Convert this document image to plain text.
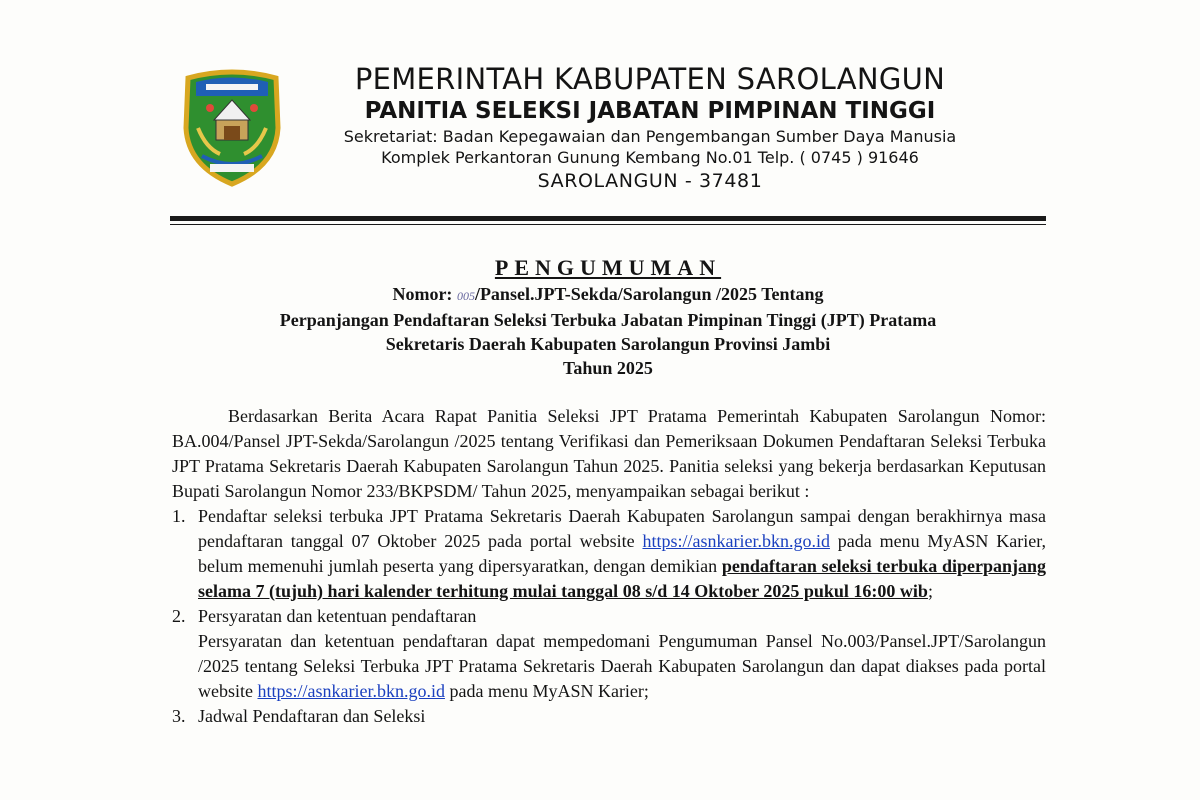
PEMERINTAH KABUPATEN SAROLANGUN
PANITIA SELEKSI JABATAN PIMPINAN TINGGI
Sekretariat: Badan Kepegawaian dan Pengembangan Sumber Daya Manusia
Komplek Perkantoran Gunung Kembang No.01 Telp. ( 0745 ) 91646
SAROLANGUN - 37481
PENGUMUMAN
Nomor: 005/Pansel.JPT-Sekda/Sarolangun /2025 Tentang
Perpanjangan Pendaftaran Seleksi Terbuka Jabatan Pimpinan Tinggi (JPT) Pratama
Sekretaris Daerah Kabupaten Sarolangun Provinsi Jambi
Tahun 2025

Berdasarkan Berita Acara Rapat Panitia Seleksi JPT Pratama Pemerintah Kabupaten Sarolangun Nomor: BA.004/Pansel JPT-Sekda/Sarolangun /2025 tentang Verifikasi dan Pemeriksaan Dokumen Pendaftaran Seleksi Terbuka JPT Pratama Sekretaris Daerah Kabupaten Sarolangun Tahun 2025. Panitia seleksi yang bekerja berdasarkan Keputusan Bupati Sarolangun Nomor 233/BKPSDM/ Tahun 2025, menyampaikan sebagai berikut :

1. Pendaftar seleksi terbuka JPT Pratama Sekretaris Daerah Kabupaten Sarolangun sampai dengan berakhirnya masa pendaftaran tanggal 07 Oktober 2025 pada portal website https://asnkarier.bkn.go.id pada menu MyASN Karier, belum memenuhi jumlah peserta yang dipersyaratkan, dengan demikian pendaftaran seleksi terbuka diperpanjang selama 7 (tujuh) hari kalender terhitung mulai tanggal 08 s/d 14 Oktober 2025 pukul 16:00 wib;
2. Persyaratan dan ketentuan pendaftaran
Persyaratan dan ketentuan pendaftaran dapat mempedomani Pengumuman Pansel No.003/Pansel.JPT/Sarolangun /2025 tentang Seleksi Terbuka JPT Pratama Sekretaris Daerah Kabupaten Sarolangun dan dapat diakses pada portal website https://asnkarier.bkn.go.id pada menu MyASN Karier;
3. Jadwal Pendaftaran dan Seleksi
